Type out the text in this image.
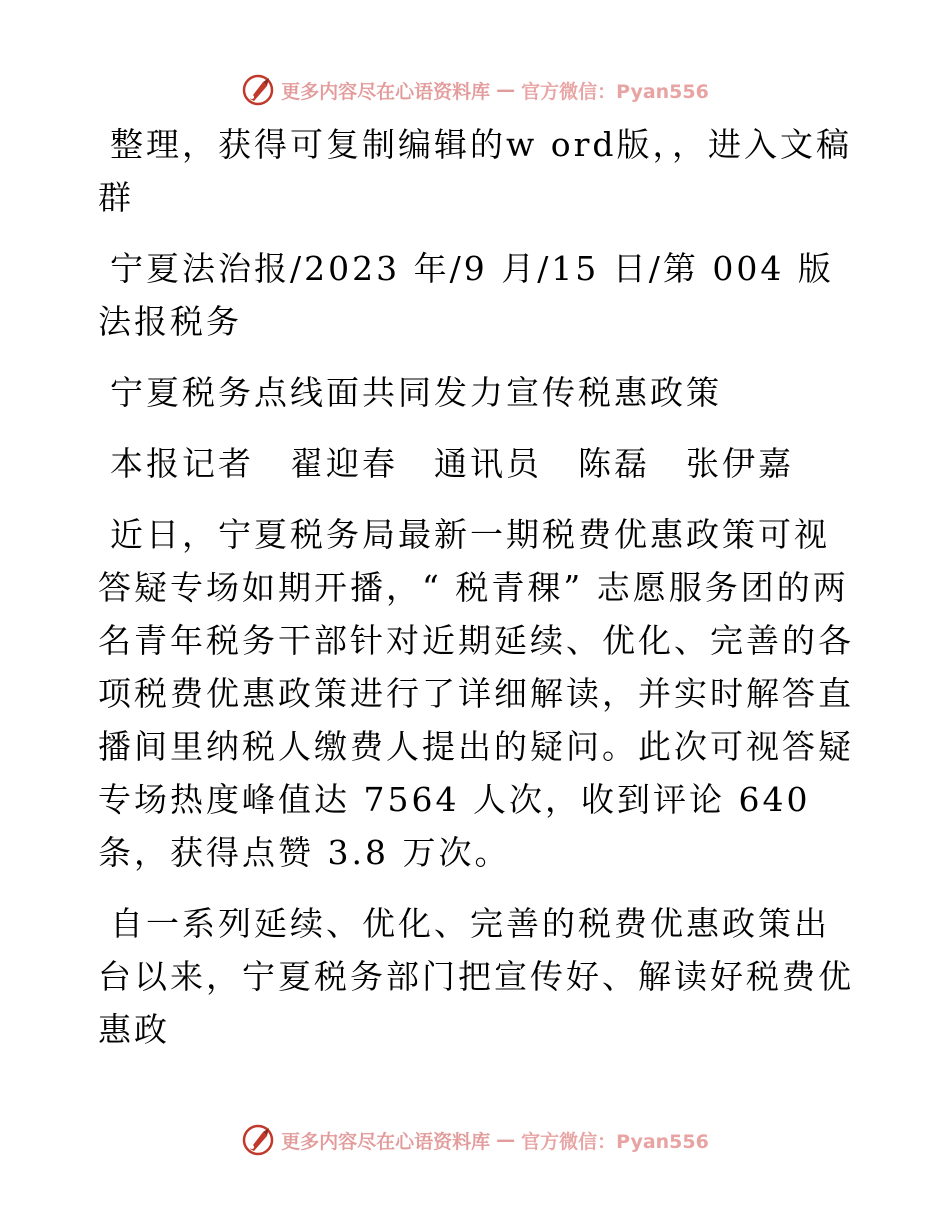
更多内容尽在心语资料库 — 官方微信：Pyan556

整理，获得可复制编辑的w ord版，，进入文稿群

宁夏法治报/2023 年/9 月/15 日/第 004 版法报税务

宁夏税务点线面共同发力宣传税惠政策

本报记者　翟迎春　通讯员　陈磊　张伊嘉

近日，宁夏税务局最新一期税费优惠政策可视答疑专场如期开播，“ 税青稞” 志愿服务团的两名青年税务干部针对近期延续、优化、完善的各项税费优惠政策进行了详细解读，并实时解答直播间里纳税人缴费人提出的疑问。此次可视答疑专场热度峰值达 7564 人次，收到评论 640 条，获得点赞 3.8 万次。

自一系列延续、优化、完善的税费优惠政策出台以来，宁夏税务部门把宣传好、解读好税费优惠政

更多内容尽在心语资料库 — 官方微信：Pyan556
